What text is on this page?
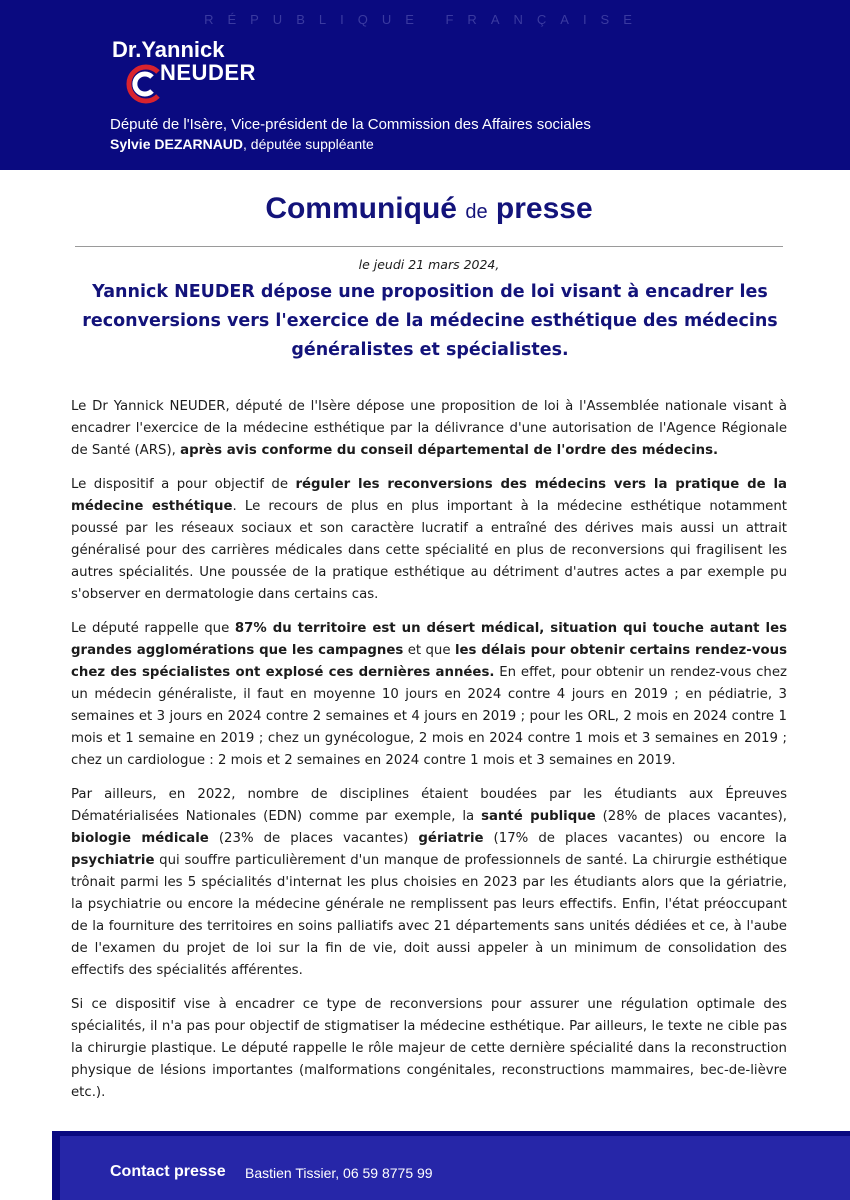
RÉPUBLIQUE FRANÇAISE
Dr.Yannick
NEUDER
Député de l'Isère, Vice-président de la Commission des Affaires sociales
Sylvie DEZARNAUD, députée suppléante
Communiqué de presse
le jeudi 21 mars 2024,
Yannick NEUDER dépose une proposition de loi visant à encadrer les reconversions vers l'exercice de la médecine esthétique des médecins généralistes et spécialistes.

Le Dr Yannick NEUDER, député de l'Isère dépose une proposition de loi à l'Assemblée nationale visant à encadrer l'exercice de la médecine esthétique par la délivrance d'une autorisation de l'Agence Régionale de Santé (ARS), après avis conforme du conseil départemental de l'ordre des médecins.

Le dispositif a pour objectif de réguler les reconversions des médecins vers la pratique de la médecine esthétique. Le recours de plus en plus important à la médecine esthétique notamment poussé par les réseaux sociaux et son caractère lucratif a entraîné des dérives mais aussi un attrait généralisé pour des carrières médicales dans cette spécialité en plus de reconversions qui fragilisent les autres spécialités. Une poussée de la pratique esthétique au détriment d'autres actes a par exemple pu s'observer en dermatologie dans certains cas.

Le député rappelle que 87% du territoire est un désert médical, situation qui touche autant les grandes agglomérations que les campagnes et que les délais pour obtenir certains rendez-vous chez des spécialistes ont explosé ces dernières années. En effet, pour obtenir un rendez-vous chez un médecin généraliste, il faut en moyenne 10 jours en 2024 contre 4 jours en 2019 ; en pédiatrie, 3 semaines et 3 jours en 2024 contre 2 semaines et 4 jours en 2019 ; pour les ORL, 2 mois en 2024 contre 1 mois et 1 semaine en 2019 ; chez un gynécologue, 2 mois en 2024 contre 1 mois et 3 semaines en 2019 ; chez un cardiologue : 2 mois et 2 semaines en 2024 contre 1 mois et 3 semaines en 2019.

Par ailleurs, en 2022, nombre de disciplines étaient boudées par les étudiants aux Épreuves Dématérialisées Nationales (EDN) comme par exemple, la santé publique (28% de places vacantes), biologie médicale (23% de places vacantes) gériatrie (17% de places vacantes) ou encore la psychiatrie qui souffre particulièrement d'un manque de professionnels de santé. La chirurgie esthétique trônait parmi les 5 spécialités d'internat les plus choisies en 2023 par les étudiants alors que la gériatrie, la psychiatrie ou encore la médecine générale ne remplissent pas leurs effectifs. Enfin, l'état préoccupant de la fourniture des territoires en soins palliatifs avec 21 départements sans unités dédiées et ce, à l'aube de l'examen du projet de loi sur la fin de vie, doit aussi appeler à un minimum de consolidation des effectifs des spécialités afférentes.

Si ce dispositif vise à encadrer ce type de reconversions pour assurer une régulation optimale des spécialités, il n'a pas pour objectif de stigmatiser la médecine esthétique. Par ailleurs, le texte ne cible pas la chirurgie plastique. Le député rappelle le rôle majeur de cette dernière spécialité dans la reconstruction physique de lésions importantes (malformations congénitales, reconstructions mammaires, bec-de-lièvre etc.).

Contact presse Bastien Tissier, 06 59 8775 99
